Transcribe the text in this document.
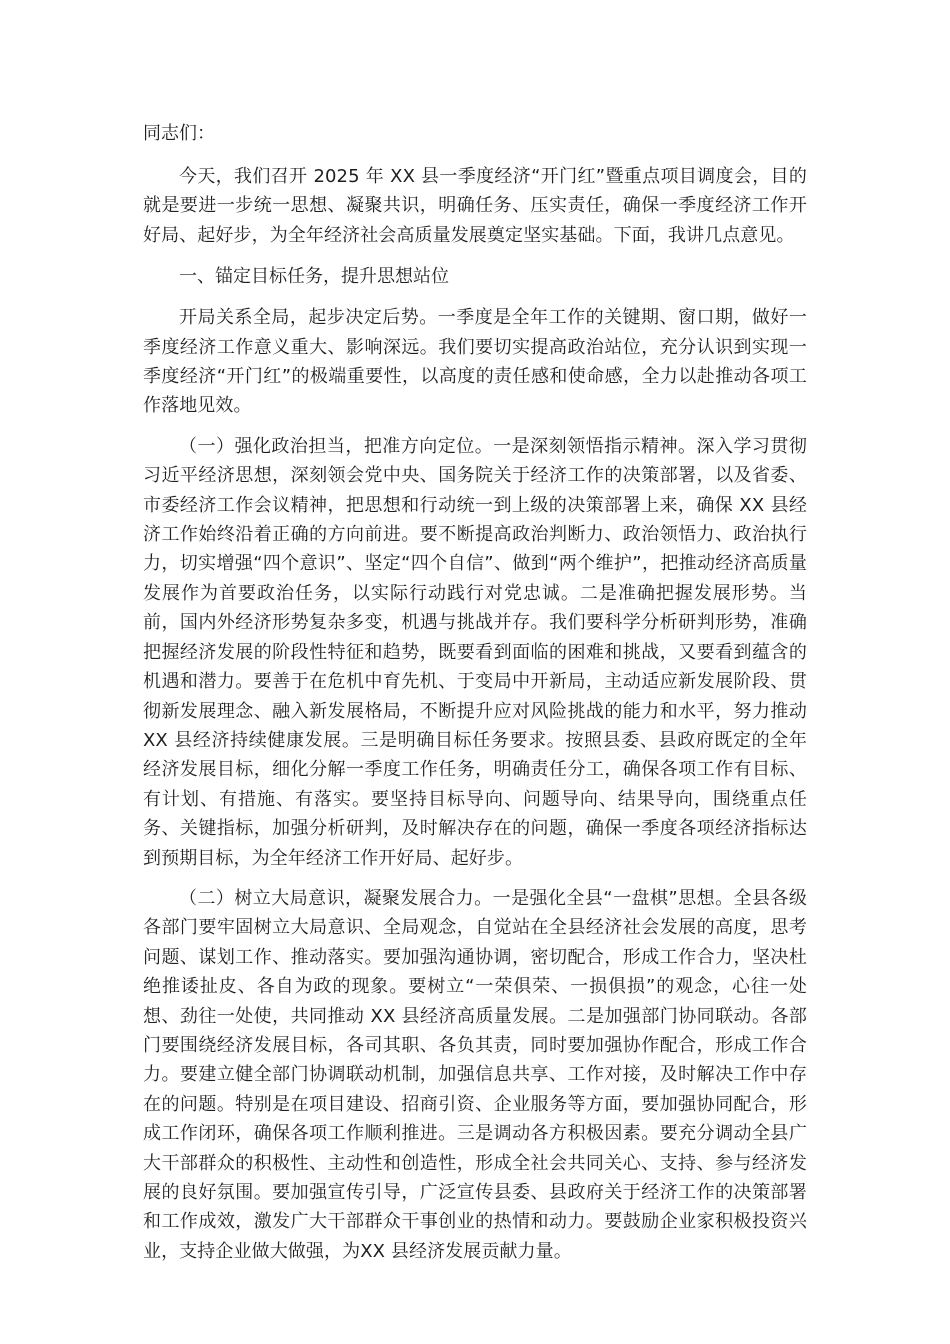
同志们：

今天，我们召开 2025 年 XX 县一季度经济“开门红”暨重点项目调度会，目的就是要进一步统一思想、凝聚共识，明确任务、压实责任，确保一季度经济工作开好局、起好步，为全年经济社会高质量发展奠定坚实基础。下面，我讲几点意见。

一、锚定目标任务，提升思想站位

开局关系全局，起步决定后势。一季度是全年工作的关键期、窗口期，做好一季度经济工作意义重大、影响深远。我们要切实提高政治站位，充分认识到实现一季度经济“开门红”的极端重要性，以高度的责任感和使命感，全力以赴推动各项工作落地见效。

（一）强化政治担当，把准方向定位。一是深刻领悟指示精神。深入学习贯彻习近平经济思想，深刻领会党中央、国务院关于经济工作的决策部署，以及省委、市委经济工作会议精神，把思想和行动统一到上级的决策部署上来，确保 XX 县经济工作始终沿着正确的方向前进。要不断提高政治判断力、政治领悟力、政治执行力，切实增强“四个意识”、坚定“四个自信”、做到“两个维护”，把推动经济高质量发展作为首要政治任务，以实际行动践行对党忠诚。二是准确把握发展形势。当前，国内外经济形势复杂多变，机遇与挑战并存。我们要科学分析研判形势，准确把握经济发展的阶段性特征和趋势，既要看到面临的困难和挑战，又要看到蕴含的机遇和潜力。要善于在危机中育先机、于变局中开新局，主动适应新发展阶段、贯彻新发展理念、融入新发展格局，不断提升应对风险挑战的能力和水平，努力推动 XX 县经济持续健康发展。三是明确目标任务要求。按照县委、县政府既定的全年经济发展目标，细化分解一季度工作任务，明确责任分工，确保各项工作有目标、有计划、有措施、有落实。要坚持目标导向、问题导向、结果导向，围绕重点任务、关键指标，加强分析研判，及时解决存在的问题，确保一季度各项经济指标达到预期目标，为全年经济工作开好局、起好步。

（二）树立大局意识，凝聚发展合力。一是强化全县“一盘棋”思想。全县各级各部门要牢固树立大局意识、全局观念，自觉站在全县经济社会发展的高度，思考问题、谋划工作、推动落实。要加强沟通协调，密切配合，形成工作合力，坚决杜绝推诿扯皮、各自为政的现象。要树立“一荣俱荣、一损俱损”的观念，心往一处想、劲往一处使，共同推动 XX 县经济高质量发展。二是加强部门协同联动。各部门要围绕经济发展目标，各司其职、各负其责，同时要加强协作配合，形成工作合力。要建立健全部门协调联动机制，加强信息共享、工作对接，及时解决工作中存在的问题。特别是在项目建设、招商引资、企业服务等方面，要加强协同配合，形成工作闭环，确保各项工作顺利推进。三是调动各方积极因素。要充分调动全县广大干部群众的积极性、主动性和创造性，形成全社会共同关心、支持、参与经济发展的良好氛围。要加强宣传引导，广泛宣传县委、县政府关于经济工作的决策部署和工作成效，激发广大干部群众干事创业的热情和动力。要鼓励企业家积极投资兴业，支持企业做大做强，为XX 县经济发展贡献力量。
